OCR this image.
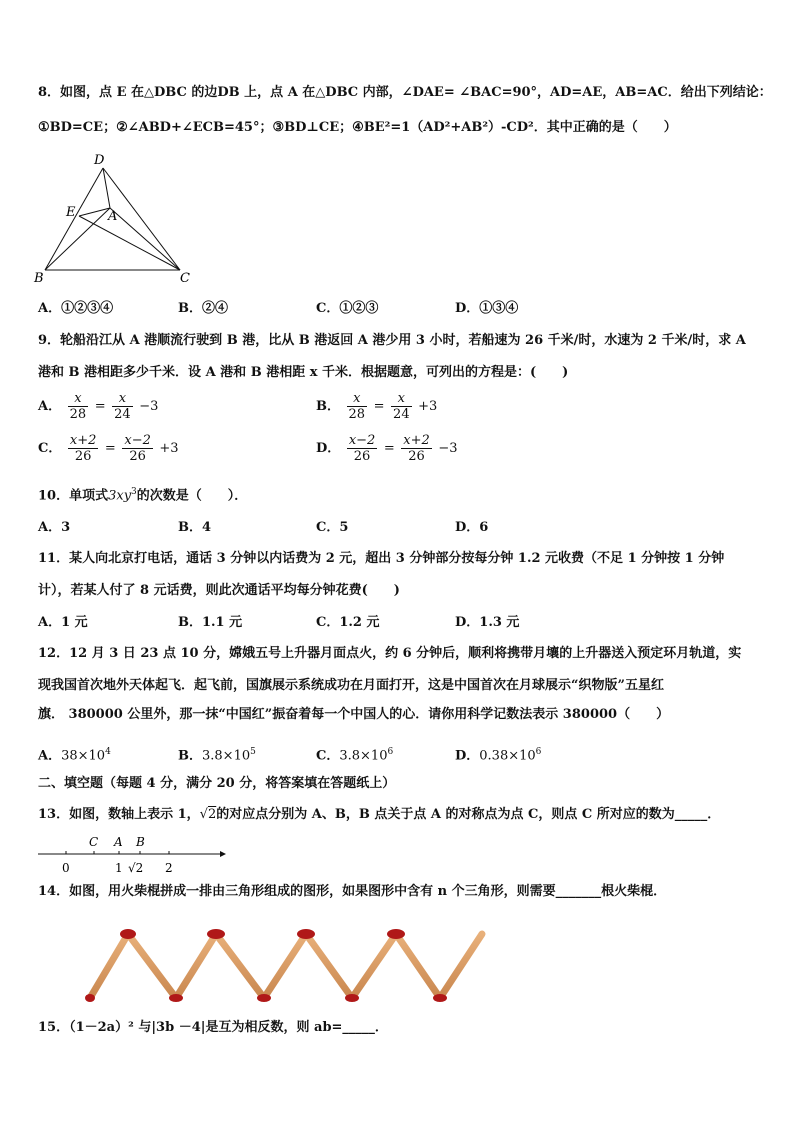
8．如图，点 E 在△DBC 的边DB 上，点 A 在△DBC 内部，∠DAE= ∠BAC=90°，AD=AE，AB=AC．给出下列结论：
①BD=CE；②∠ABD+∠ECB=45°；③BD⊥CE；④BE²=1（AD²+AB²）-CD²．其中正确的是（　　）
D
E	A
B	C
A．①②③④	B．②④	C．①②③	D．①③④
9．轮船沿江从 A 港顺流行驶到 B 港，比从 B 港返回 A 港少用 3 小时，若船速为 26 千米/时，水速为 2 千米/时，求 A
港和 B 港相距多少千米．设 A 港和 B 港相距 x 千米．根据题意，可列出的方程是：(　　)
A． $\frac{x}{28} = \frac{x}{24} -3$	B． $\frac{x}{28} = \frac{x}{24} +3$
C． $\frac{x+2}{26} = \frac{x-2}{26} +3$	D． $\frac{x-2}{26} = \frac{x+2}{26} -3$
10．单项式$3xy^3$的次数是（　　）．
A．3	B．4	C．5	D．6
11．某人向北京打电话，通话 3 分钟以内话费为 2 元，超出 3 分钟部分按每分钟 1.2 元收费（不足 1 分钟按 1 分钟
计），若某人付了 8 元话费，则此次通话平均每分钟花费(　　)
A．1 元	B．1.1 元	C．1.2 元	D．1.3 元
12．12 月 3 日 23 点 10 分，嫦娥五号上升器月面点火，约 6 分钟后，顺利将携带月壤的上升器送入预定环月轨道，实
现我国首次地外天体起飞．起飞前，国旗展示系统成功在月面打开，这是中国首次在月球展示“织物版”五星红
旗． 380000 公里外，那一抹“中国红”振奋着每一个中国人的心．请你用科学记数法表示 380000（　　）
A．$38\times 10^4$	B．$3.8\times 10^5$	C．$3.8\times 10^6$	D．$0.38\times 10^6$
二、填空题（每题 4 分，满分 20 分，将答案填在答题纸上）
13．如图，数轴上表示 1，√2的对应点分别为 A、B，B 点关于点 A 的对称点为点 C，则点 C 所对应的数为_____．
C A B
0	1 √2 2
14．如图，用火柴棍拼成一排由三角形组成的图形，如果图形中含有 n 个三角形，则需要_______根火柴棍．
15．（1－2a）² 与|3b －4|是互为相反数，则 ab=_____．
